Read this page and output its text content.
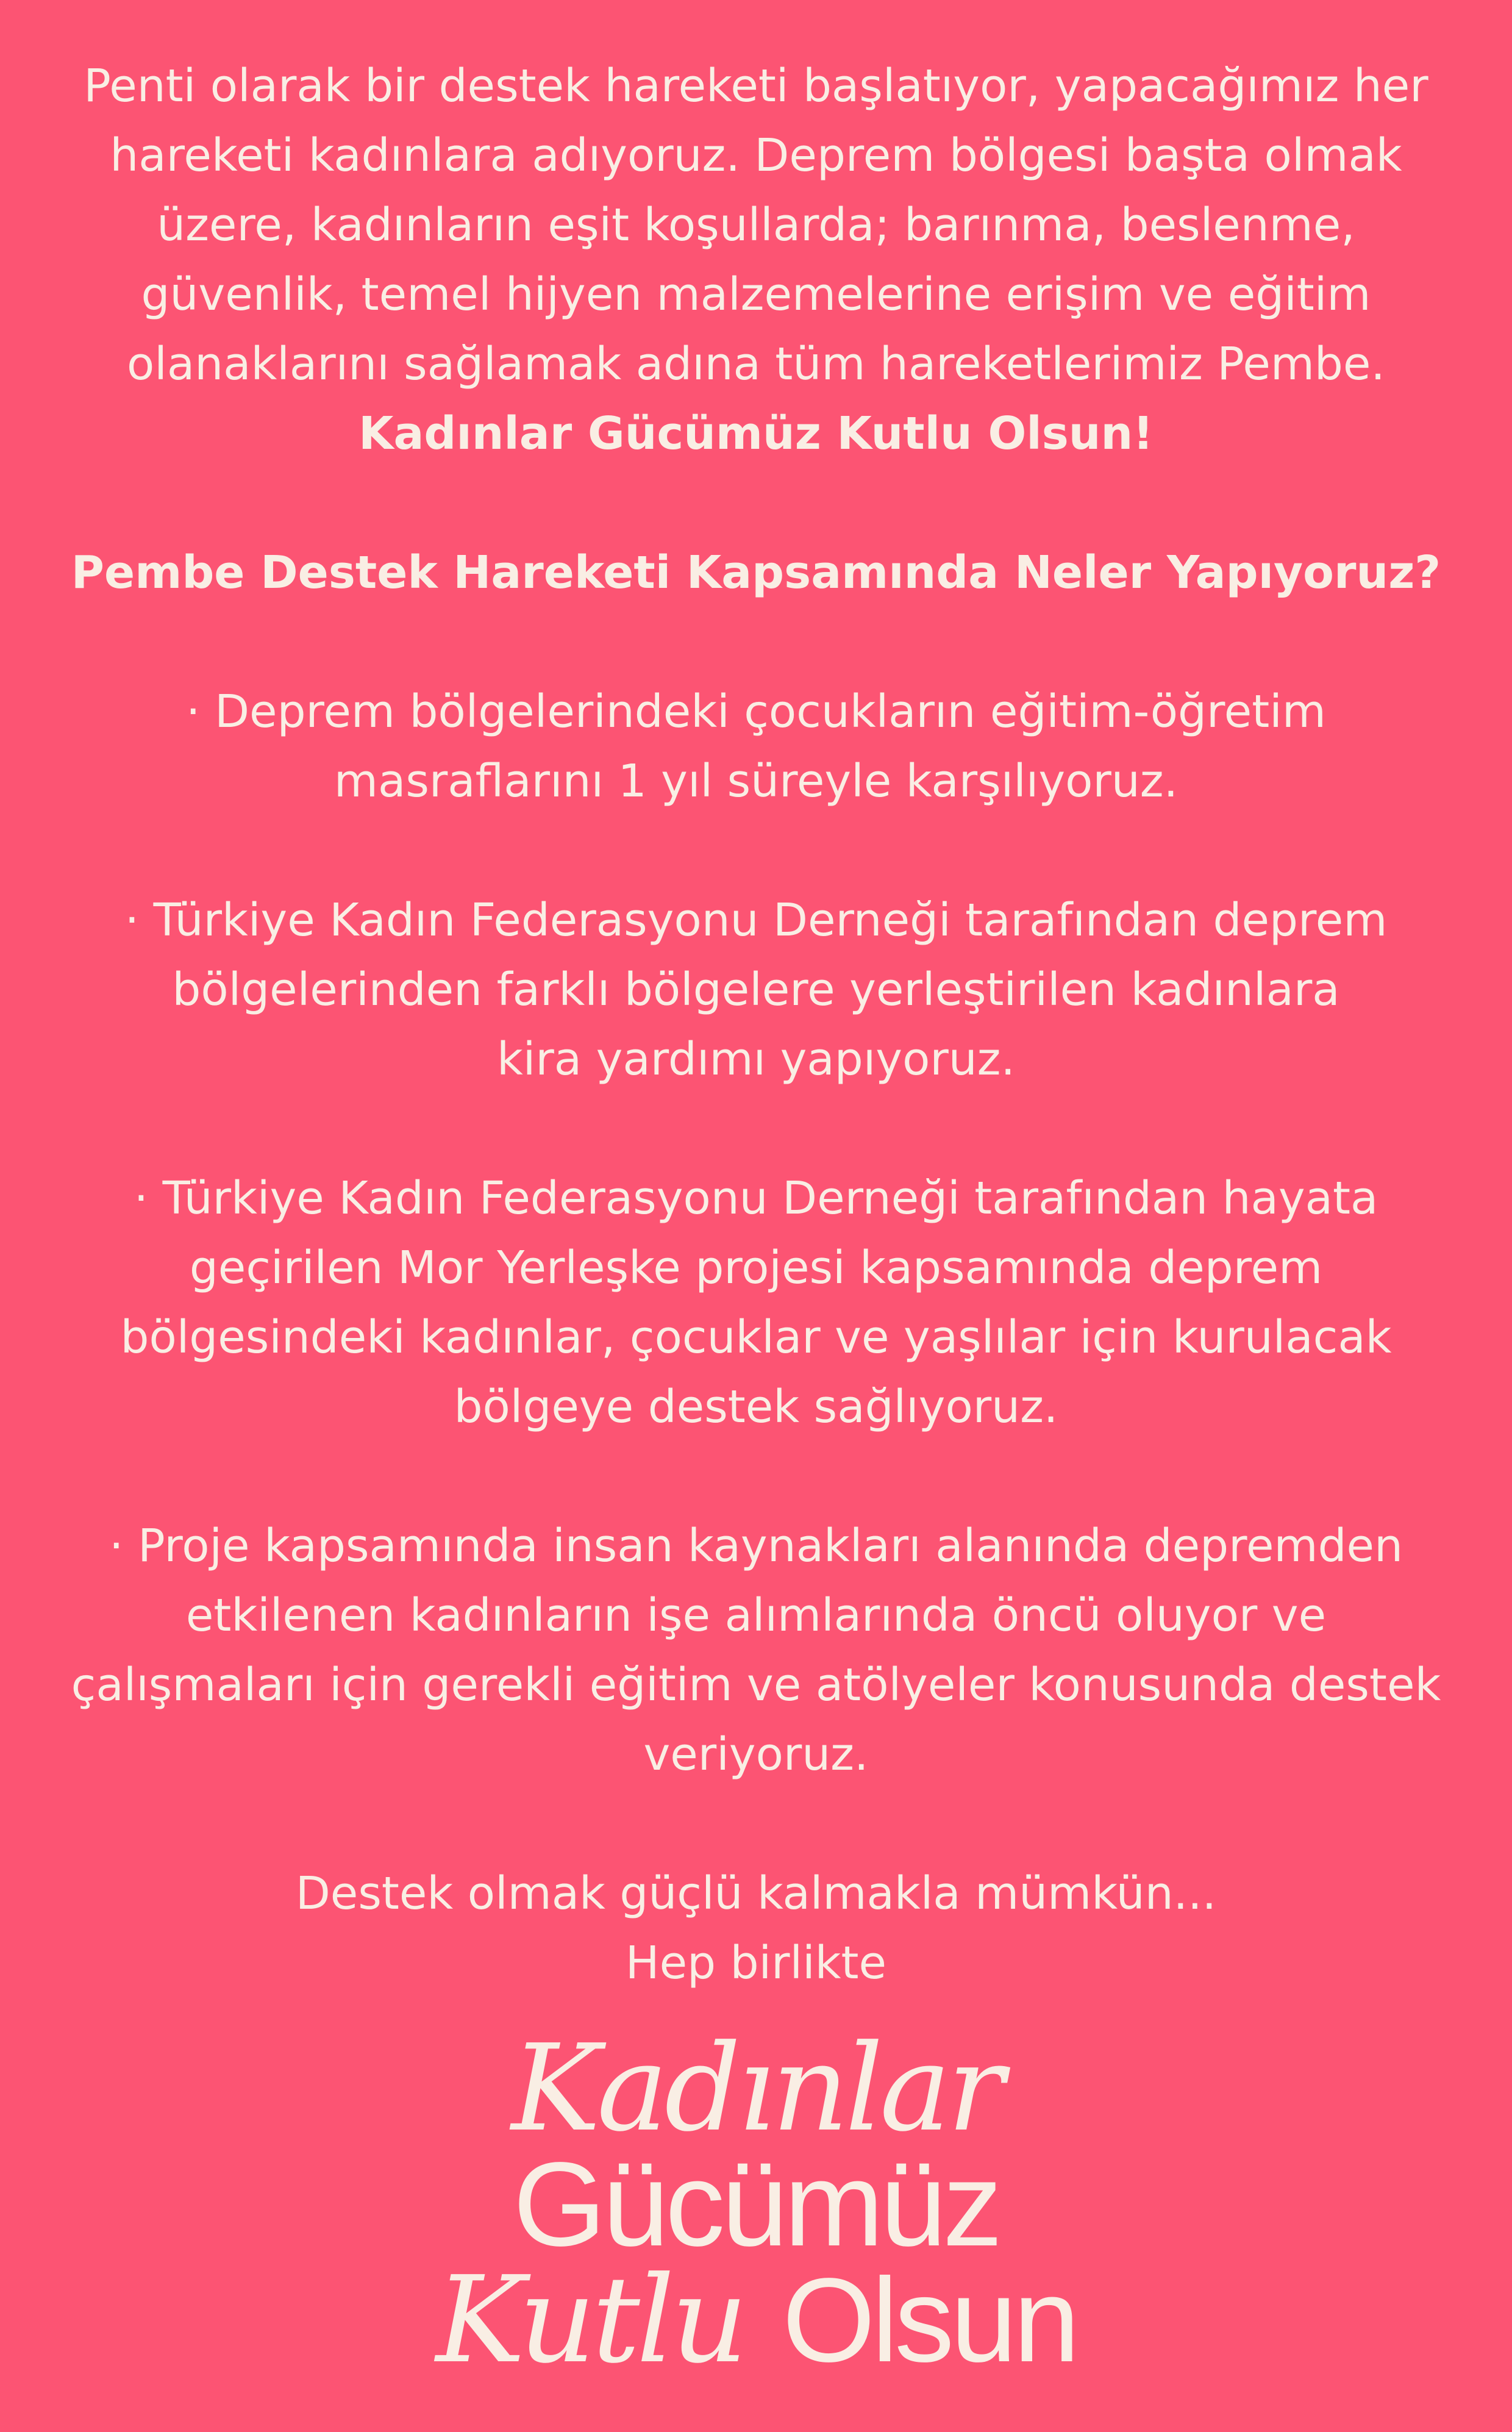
Penti olarak bir destek hareketi başlatıyor, yapacağımız her
hareketi kadınlara adıyoruz. Deprem bölgesi başta olmak
üzere, kadınların eşit koşullarda; barınma, beslenme,
güvenlik, temel hijyen malzemelerine erişim ve eğitim
olanaklarını sağlamak adına tüm hareketlerimiz Pembe.

Kadınlar Gücümüz Kutlu Olsun!

Pembe Destek Hareketi Kapsamında Neler Yapıyoruz?

· Deprem bölgelerindeki çocukların eğitim-öğretim
masraflarını 1 yıl süreyle karşılıyoruz.

· Türkiye Kadın Federasyonu Derneği tarafından deprem
bölgelerinden farklı bölgelere yerleştirilen kadınlara
kira yardımı yapıyoruz.

· Türkiye Kadın Federasyonu Derneği tarafından hayata
geçirilen Mor Yerleşke projesi kapsamında deprem
bölgesindeki kadınlar, çocuklar ve yaşlılar için kurulacak
bölgeye destek sağlıyoruz.

· Proje kapsamında insan kaynakları alanında depremden
etkilenen kadınların işe alımlarında öncü oluyor ve
çalışmaları için gerekli eğitim ve atölyeler konusunda destek
veriyoruz.

Destek olmak güçlü kalmakla mümkün...

Hep birlikte

Kadınlar

Gücümüz

Kutlu Olsun
